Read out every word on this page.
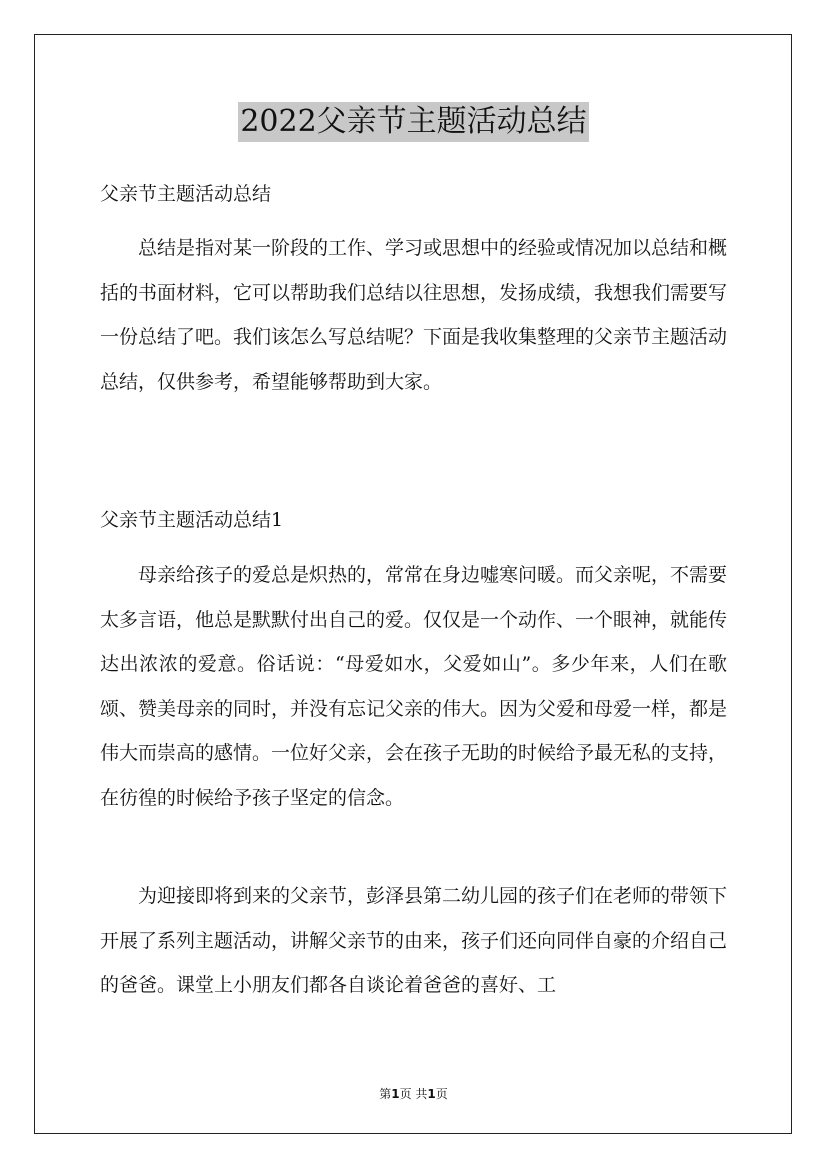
2022父亲节主题活动总结
父亲节主题活动总结

总结是指对某一阶段的工作、学习或思想中的经验或情况加以总结和概括的书面材料，它可以帮助我们总结以往思想，发扬成绩，我想我们需要写一份总结了吧。我们该怎么写总结呢？下面是我收集整理的父亲节主题活动总结，仅供参考，希望能够帮助到大家。

父亲节主题活动总结1

母亲给孩子的爱总是炽热的，常常在身边嘘寒问暖。而父亲呢，不需要太多言语，他总是默默付出自己的爱。仅仅是一个动作、一个眼神，就能传达出浓浓的爱意。俗话说：“母爱如水，父爱如山”。多少年来，人们在歌颂、赞美母亲的同时，并没有忘记父亲的伟大。因为父爱和母爱一样，都是伟大而崇高的感情。一位好父亲，会在孩子无助的时候给予最无私的支持，在彷徨的时候给予孩子坚定的信念。

为迎接即将到来的父亲节，彭泽县第二幼儿园的孩子们在老师的带领下开展了系列主题活动，讲解父亲节的由来，孩子们还向同伴自豪的介绍自己的爸爸。课堂上小朋友们都各自谈论着爸爸的喜好、工

第1页 共1页
